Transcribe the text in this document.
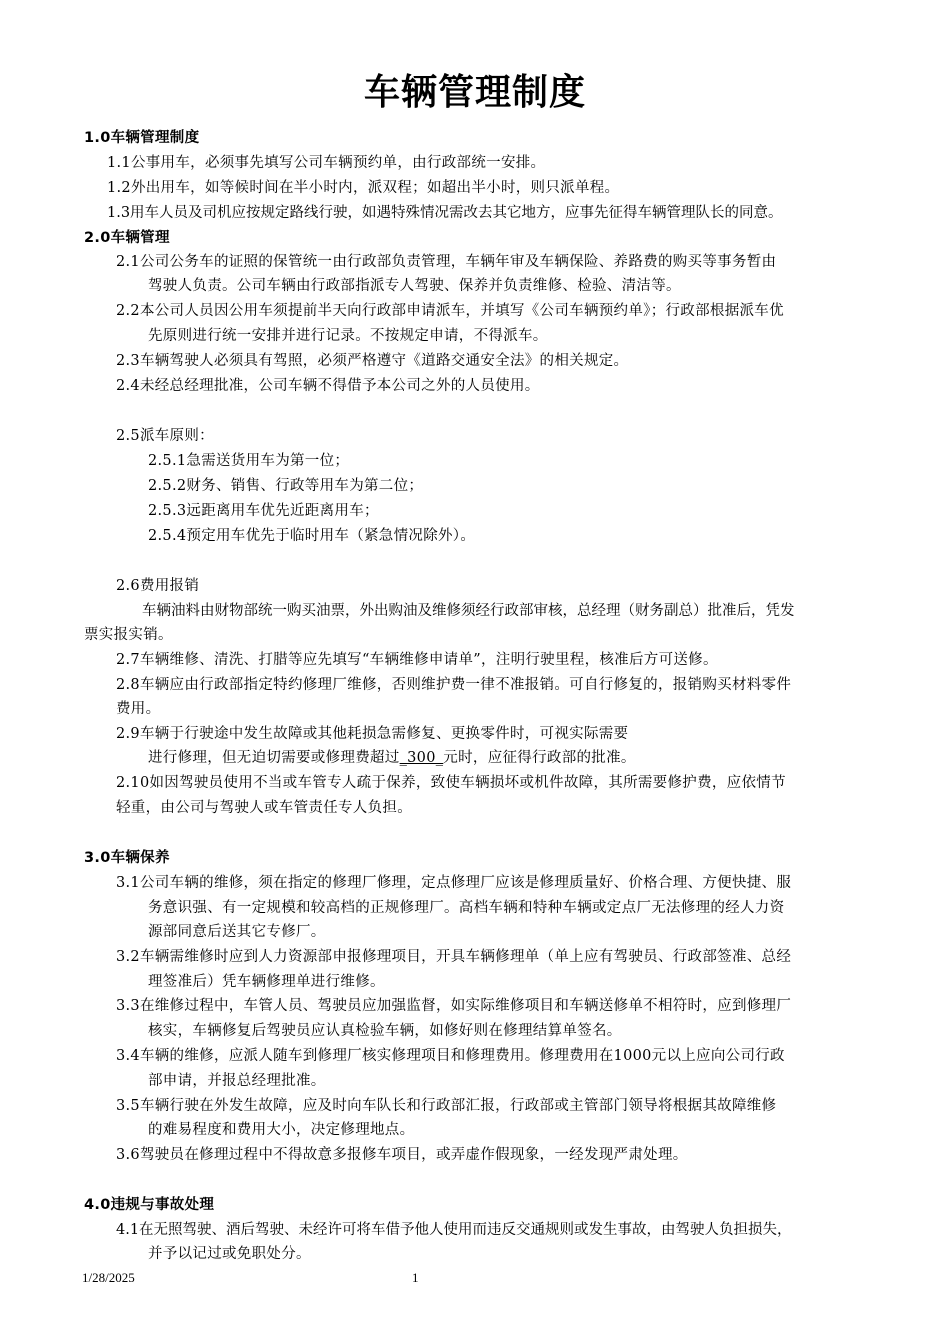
车辆管理制度
1.0车辆管理制度
1.1公事用车，必须事先填写公司车辆预约单，由行政部统一安排。
1.2外出用车，如等候时间在半小时内，派双程；如超出半小时，则只派单程。
1.3用车人员及司机应按规定路线行驶，如遇特殊情况需改去其它地方，应事先征得车辆管理队长的同意。
2.0车辆管理
2.1公司公务车的证照的保管统一由行政部负责管理，车辆年审及车辆保险、养路费的购买等事务暂由
驾驶人负责。公司车辆由行政部指派专人驾驶、保养并负责维修、检验、清洁等。
2.2本公司人员因公用车须提前半天向行政部申请派车，并填写《公司车辆预约单》；行政部根据派车优
先原则进行统一安排并进行记录。不按规定申请，不得派车。
2.3车辆驾驶人必须具有驾照，必须严格遵守《道路交通安全法》的相关规定。
2.4未经总经理批准，公司车辆不得借予本公司之外的人员使用。
2.5派车原则：
2.5.1急需送货用车为第一位；
2.5.2财务、销售、行政等用车为第二位；
2.5.3远距离用车优先近距离用车；
2.5.4预定用车优先于临时用车（紧急情况除外）。
2.6费用报销
车辆油料由财物部统一购买油票，外出购油及维修须经行政部审核，总经理（财务副总）批准后，凭发
票实报实销。
2.7车辆维修、清洗、打腊等应先填写“车辆维修申请单”，注明行驶里程，核准后方可送修。
2.8车辆应由行政部指定特约修理厂维修，否则维护费一律不准报销。可自行修复的，报销购买材料零件
费用。
2.9车辆于行驶途中发生故障或其他耗损急需修复、更换零件时，可视实际需要
进行修理，但无迫切需要或修理费超过_300_元时，应征得行政部的批准。
2.10如因驾驶员使用不当或车管专人疏于保养，致使车辆损坏或机件故障，其所需要修护费，应依情节
轻重，由公司与驾驶人或车管责任专人负担。
3.0车辆保养
3.1公司车辆的维修，须在指定的修理厂修理，定点修理厂应该是修理质量好、价格合理、方便快捷、服
务意识强、有一定规模和较高档的正规修理厂。高档车辆和特种车辆或定点厂无法修理的经人力资
源部同意后送其它专修厂。
3.2车辆需维修时应到人力资源部申报修理项目，开具车辆修理单（单上应有驾驶员、行政部签准、总经
理签准后）凭车辆修理单进行维修。
3.3在维修过程中，车管人员、驾驶员应加强监督，如实际维修项目和车辆送修单不相符时，应到修理厂
核实，车辆修复后驾驶员应认真检验车辆，如修好则在修理结算单签名。
3.4车辆的维修，应派人随车到修理厂核实修理项目和修理费用。修理费用在1000元以上应向公司行政
部申请，并报总经理批准。
3.5车辆行驶在外发生故障，应及时向车队长和行政部汇报，行政部或主管部门领导将根据其故障维修
的难易程度和费用大小，决定修理地点。
3.6驾驶员在修理过程中不得故意多报修车项目，或弄虚作假现象，一经发现严肃处理。
4.0违规与事故处理
4.1在无照驾驶、酒后驾驶、未经许可将车借予他人使用而违反交通规则或发生事故，由驾驶人负担损失，
并予以记过或免职处分。
1/28/2025	1
